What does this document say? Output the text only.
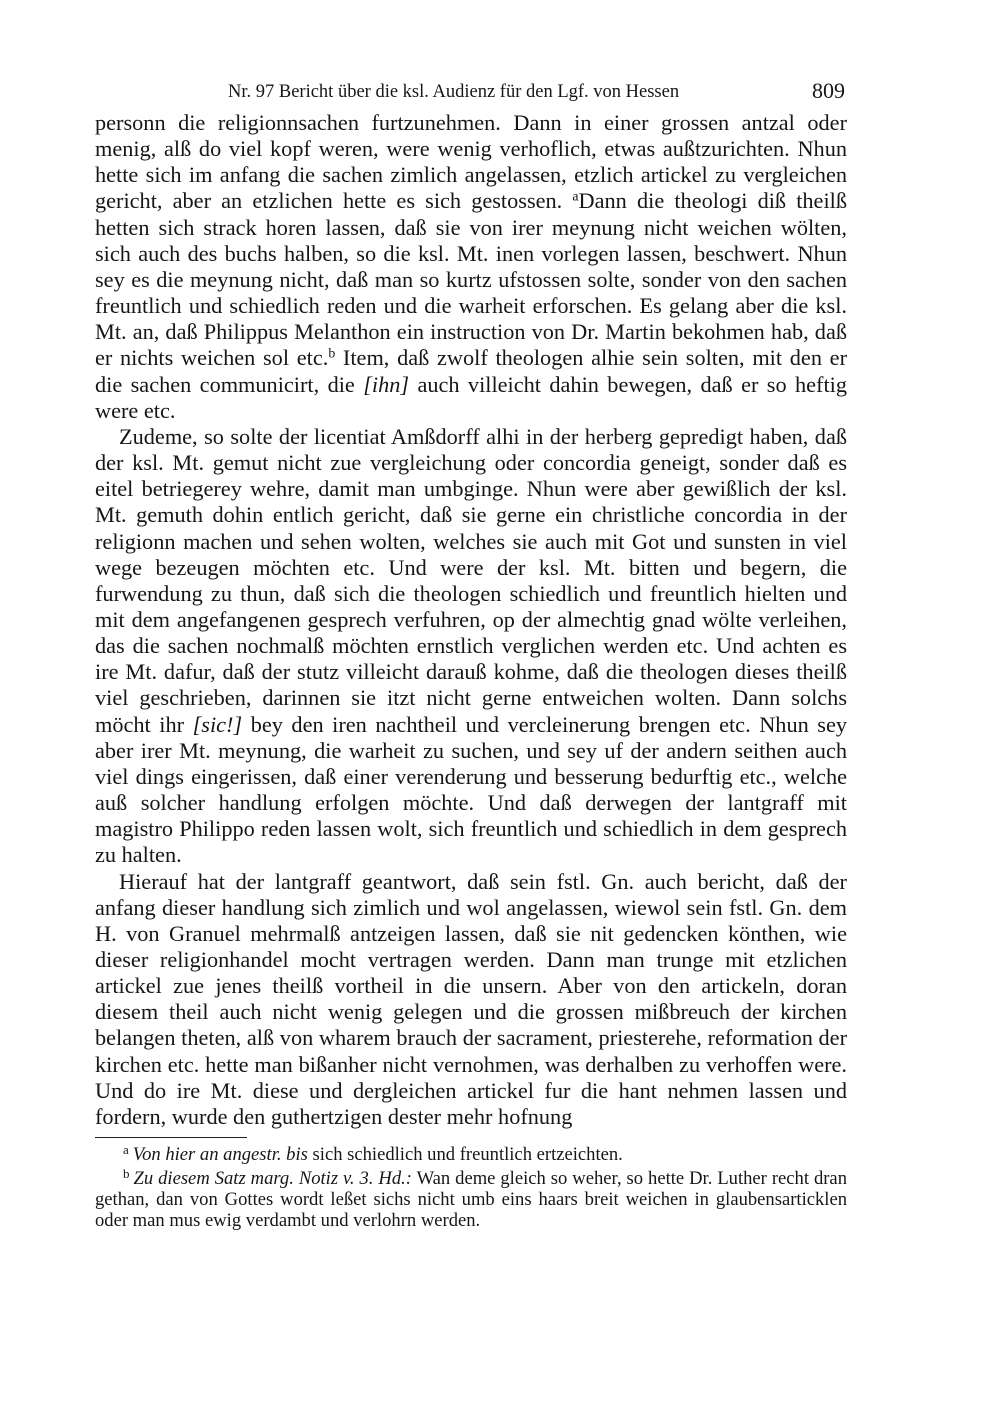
Nr. 97 Bericht über die ksl. Audienz für den Lgf. von Hessen	809

personn die religionnsachen furtzunehmen. Dann in einer grossen antzal oder menig, alß do viel kopf weren, were wenig verhoflich, etwas außtzurichten. Nhun hette sich im anfang die sachen zimlich angelassen, etzlich artickel zu vergleichen gericht, aber an etzlichen hette es sich gestossen. $^a$Dann die theologi diß theilß hetten sich strack horen lassen, daß sie von irer meynung nicht weichen wölten, sich auch des buchs halben, so die ksl. Mt. inen vorlegen lassen, beschwert. Nhun sey es die meynung nicht, daß man so kurtz ufstossen solte, sonder von den sachen freuntlich und schiedlich reden und die warheit erforschen. Es gelang aber die ksl. Mt. an, daß Philippus Melanthon ein instruction von Dr. Martin bekohmen hab, daß er nichts weichen sol etc.$^b$ Item, daß zwolf theologen alhie sein solten, mit den er die sachen communicirt, die [ihn] auch villeicht dahin bewegen, daß er so heftig were etc.

Zudeme, so solte der licentiat Amßdorff alhi in der herberg gepredigt haben, daß der ksl. Mt. gemut nicht zue vergleichung oder concordia geneigt, sonder daß es eitel betriegerey wehre, damit man umbginge. Nhun were aber gewißlich der ksl. Mt. gemuth dohin entlich gericht, daß sie gerne ein christliche concordia in der religionn machen und sehen wolten, welches sie auch mit Got und sunsten in viel wege bezeugen möchten etc. Und were der ksl. Mt. bitten und begern, die furwendung zu thun, daß sich die theologen schiedlich und freuntlich hielten und mit dem angefangenen gesprech verfuhren, op der almechtig gnad wölte verleihen, das die sachen nochmalß möchten ernstlich verglichen werden etc. Und achten es ire Mt. dafur, daß der stutz villeicht darauß kohme, daß die theologen dieses theilß viel geschrieben, darinnen sie itzt nicht gerne entweichen wolten. Dann solchs möcht ihr [sic!] bey den iren nachtheil und vercleinerung brengen etc. Nhun sey aber irer Mt. meynung, die warheit zu suchen, und sey uf der andern seithen auch viel dings eingerissen, daß einer verenderung und besserung bedurftig etc., welche auß solcher handlung erfolgen möchte. Und daß derwegen der lantgraff mit magistro Philippo reden lassen wolt, sich freuntlich und schiedlich in dem gesprech zu halten.

Hierauf hat der lantgraff geantwort, daß sein fstl. Gn. auch bericht, daß der anfang dieser handlung sich zimlich und wol angelassen, wiewol sein fstl. Gn. dem H. von Granuel mehrmalß antzeigen lassen, daß sie nit gedencken könthen, wie dieser religionhandel mocht vertragen werden. Dann man trunge mit etzlichen artickel zue jenes theilß vortheil in die unsern. Aber von den artickeln, doran diesem theil auch nicht wenig gelegen und die grossen mißbreuch der kirchen belangen theten, alß von wharem brauch der sacrament, priesterehe, reformation der kirchen etc. hette man bißanher nicht vernohmen, was derhalben zu verhoffen were. Und do ire Mt. diese und dergleichen artickel fur die hant nehmen lassen und fordern, wurde den guthertzigen dester mehr hofnung

$^a$ Von hier an angestr. bis sich schiedlich und freuntlich ertzeichten.

$^b$ Zu diesem Satz marg. Notiz v. 3. Hd.: Wan deme gleich so weher, so hette Dr. Luther recht dran gethan, dan von Gottes wordt leßet sichs nicht umb eins haars breit weichen in glaubensarticklen oder man mus ewig verdambt und verlohrn werden.
